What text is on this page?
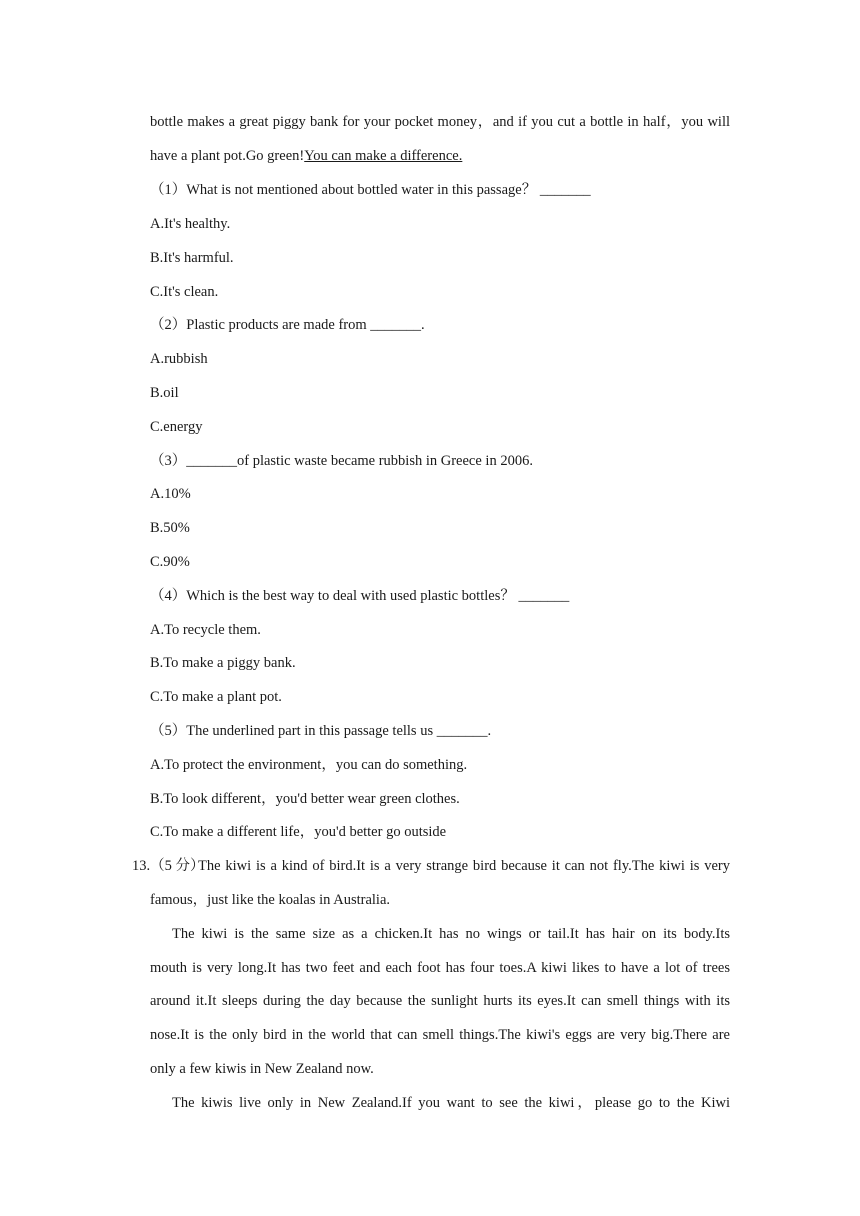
bottle makes a great piggy bank for your pocket money，and if you cut a bottle in half，you will
have a plant pot.Go green!You can make a difference.
（1）What is not mentioned about bottled water in this passage？ _______
A.It's healthy.
B.It's harmful.
C.It's clean.
（2）Plastic products are made from _______.
A.rubbish
B.oil
C.energy
（3）_______of plastic waste became rubbish in Greece in 2006.
A.10%
B.50%
C.90%
（4）Which is the best way to deal with used plastic bottles？ _______
A.To recycle them.
B.To make a piggy bank.
C.To make a plant pot.
（5）The underlined part in this passage tells us _______.
A.To protect the environment，you can do something.
B.To look different，you'd better wear green clothes.
C.To make a different life，you'd better go outside
13.（5 分）
The kiwi is a kind of bird.It is a very strange bird because it can not fly.The kiwi is very
famous，just like the koalas in Australia.
The kiwi is the same size as a chicken.It has no wings or tail.It has hair on its body.Its
mouth is very long.It has two feet and each foot has four toes.A kiwi likes to have a lot of trees
around it.It sleeps during the day because the sunlight hurts its eyes.It can smell things with its
nose.It is the only bird in the world that can smell things.The kiwi's eggs are very big.There are
only a few kiwis in New Zealand now.
The kiwis live only in New Zealand.If you want to see the kiwi，please go to the Kiwi
